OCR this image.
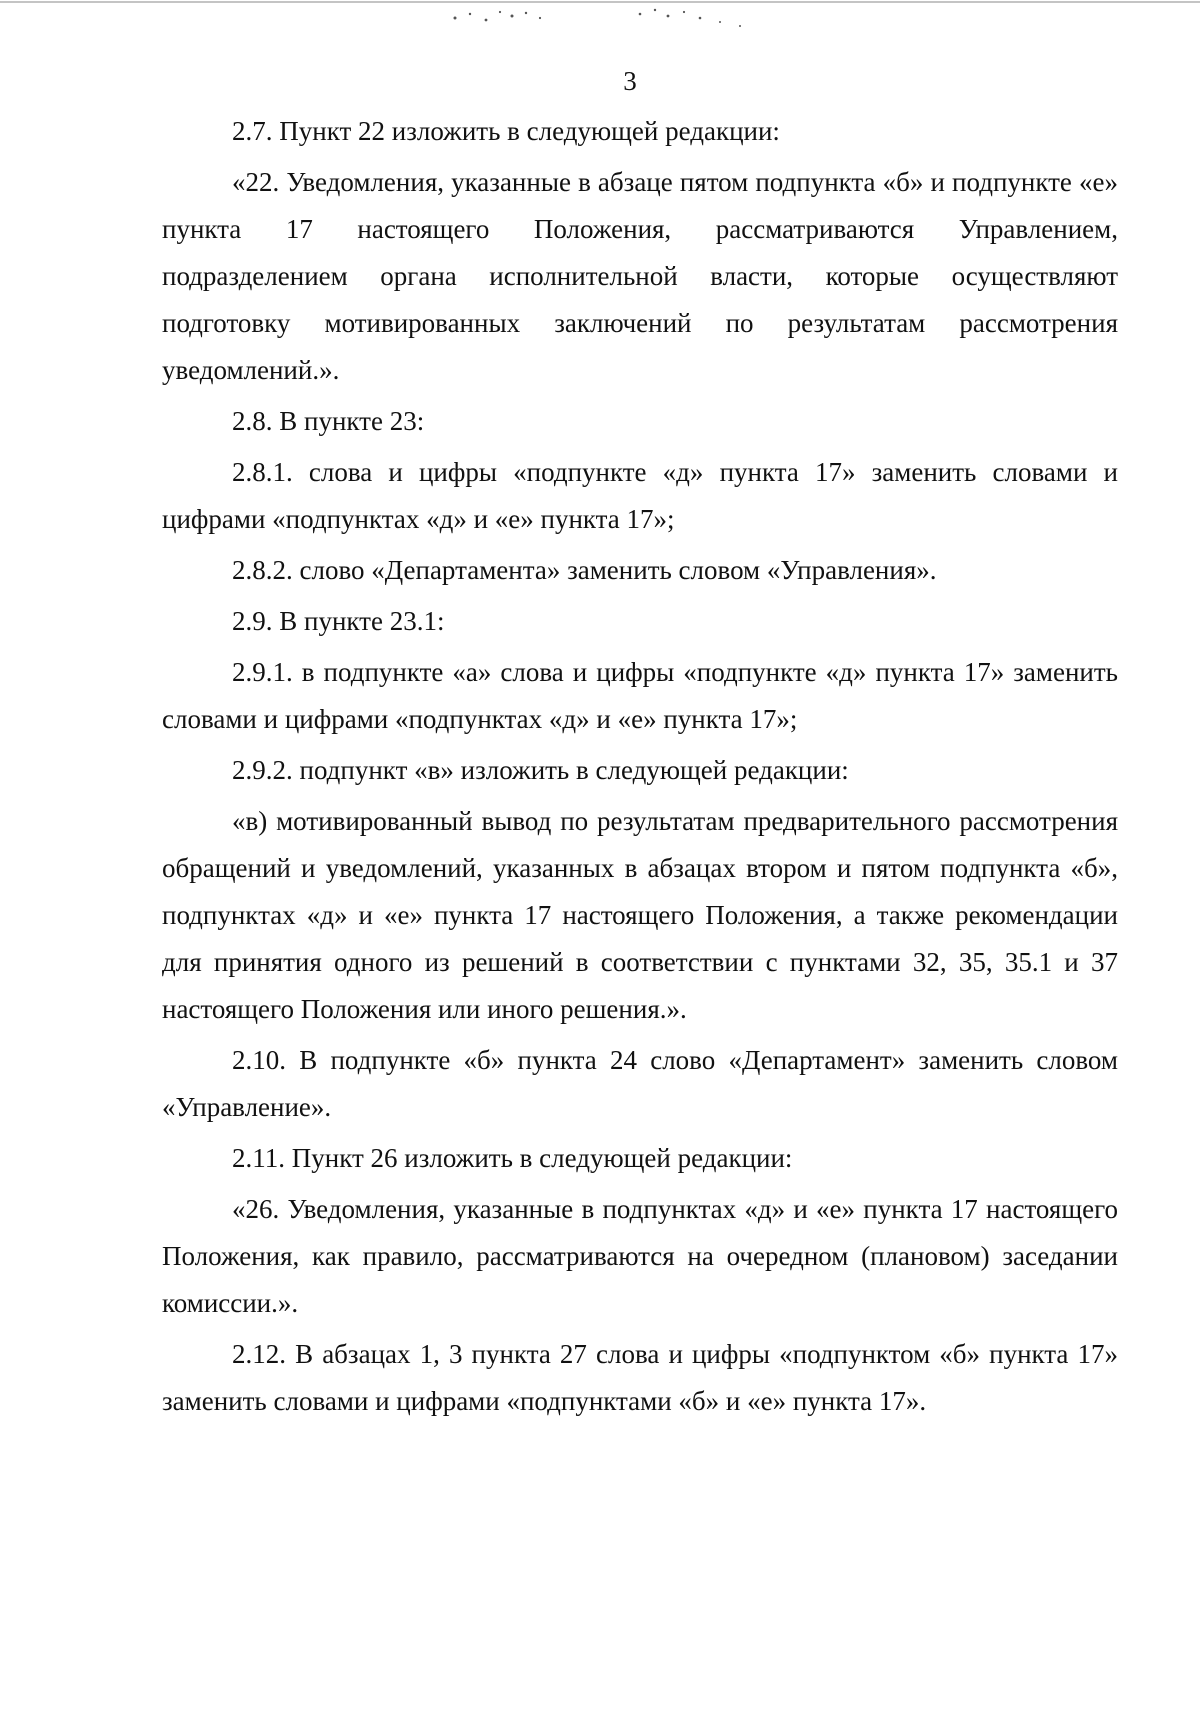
3

2.7. Пункт 22 изложить в следующей редакции:

«22. Уведомления, указанные в абзаце пятом подпункта «б» и подпункте «е» пункта 17 настоящего Положения, рассматриваются Управлением, подразделением органа исполнительной власти, которые осуществляют подготовку мотивированных заключений по результатам рассмотрения уведомлений.».

2.8. В пункте 23:

2.8.1. слова и цифры «подпункте «д» пункта 17» заменить словами и цифрами «подпунктах «д» и «е» пункта 17»;

2.8.2. слово «Департамента» заменить словом «Управления».

2.9. В пункте 23.1:

2.9.1. в подпункте «а» слова и цифры «подпункте «д» пункта 17» заменить словами и цифрами «подпунктах «д» и «е» пункта 17»;

2.9.2. подпункт «в» изложить в следующей редакции:

«в) мотивированный вывод по результатам предварительного рассмотрения обращений и уведомлений, указанных в абзацах втором и пятом подпункта «б», подпунктах «д» и «е» пункта 17 настоящего Положения, а также рекомендации для принятия одного из решений в соответствии с пунктами 32, 35, 35.1 и 37 настоящего Положения или иного решения.».

2.10. В подпункте «б» пункта 24 слово «Департамент» заменить словом «Управление».

2.11. Пункт 26 изложить в следующей редакции:

«26. Уведомления, указанные в подпунктах «д» и «е» пункта 17 настоящего Положения, как правило, рассматриваются на очередном (плановом) заседании комиссии.».

2.12. В абзацах 1, 3 пункта 27 слова и цифры «подпунктом «б» пункта 17» заменить словами и цифрами «подпунктами «б» и «е» пункта 17».
